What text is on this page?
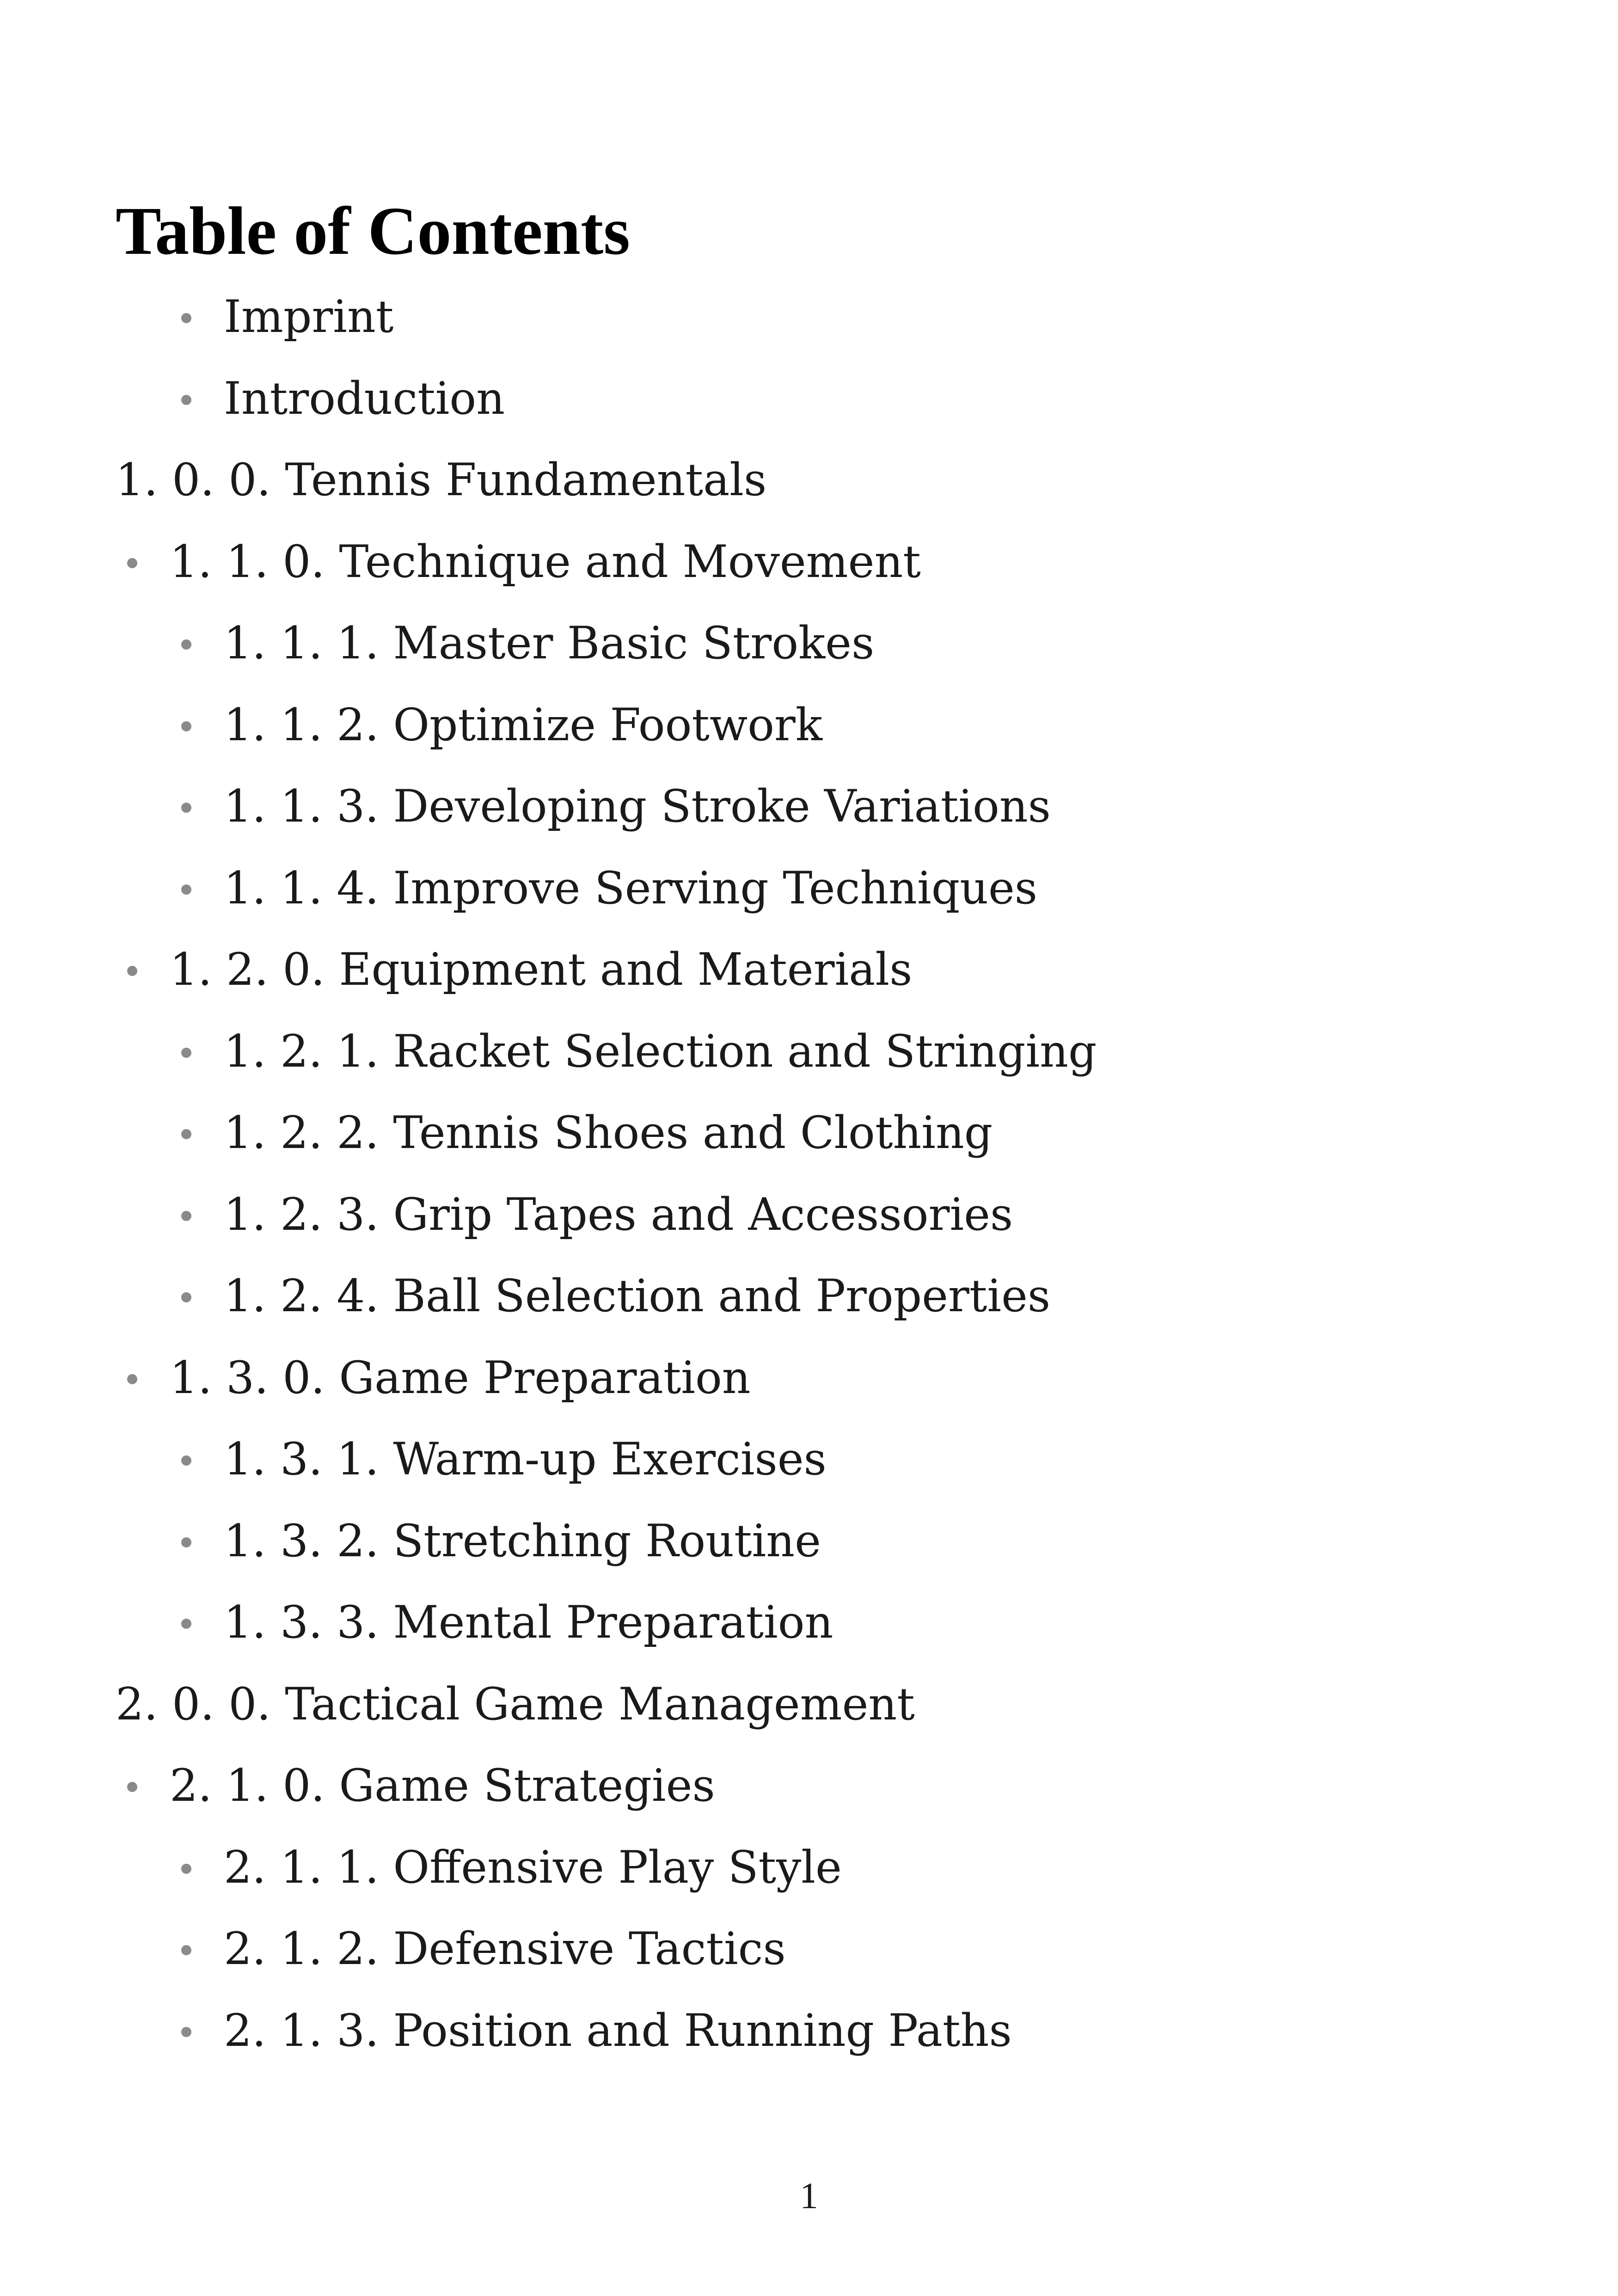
Table of Contents
Imprint
Introduction
1. 0. 0. Tennis Fundamentals
1. 1. 0. Technique and Movement
1. 1. 1. Master Basic Strokes
1. 1. 2. Optimize Footwork
1. 1. 3. Developing Stroke Variations
1. 1. 4. Improve Serving Techniques
1. 2. 0. Equipment and Materials
1. 2. 1. Racket Selection and Stringing
1. 2. 2. Tennis Shoes and Clothing
1. 2. 3. Grip Tapes and Accessories
1. 2. 4. Ball Selection and Properties
1. 3. 0. Game Preparation
1. 3. 1. Warm-up Exercises
1. 3. 2. Stretching Routine
1. 3. 3. Mental Preparation
2. 0. 0. Tactical Game Management
2. 1. 0. Game Strategies
2. 1. 1. Offensive Play Style
2. 1. 2. Defensive Tactics
2. 1. 3. Position and Running Paths
1
